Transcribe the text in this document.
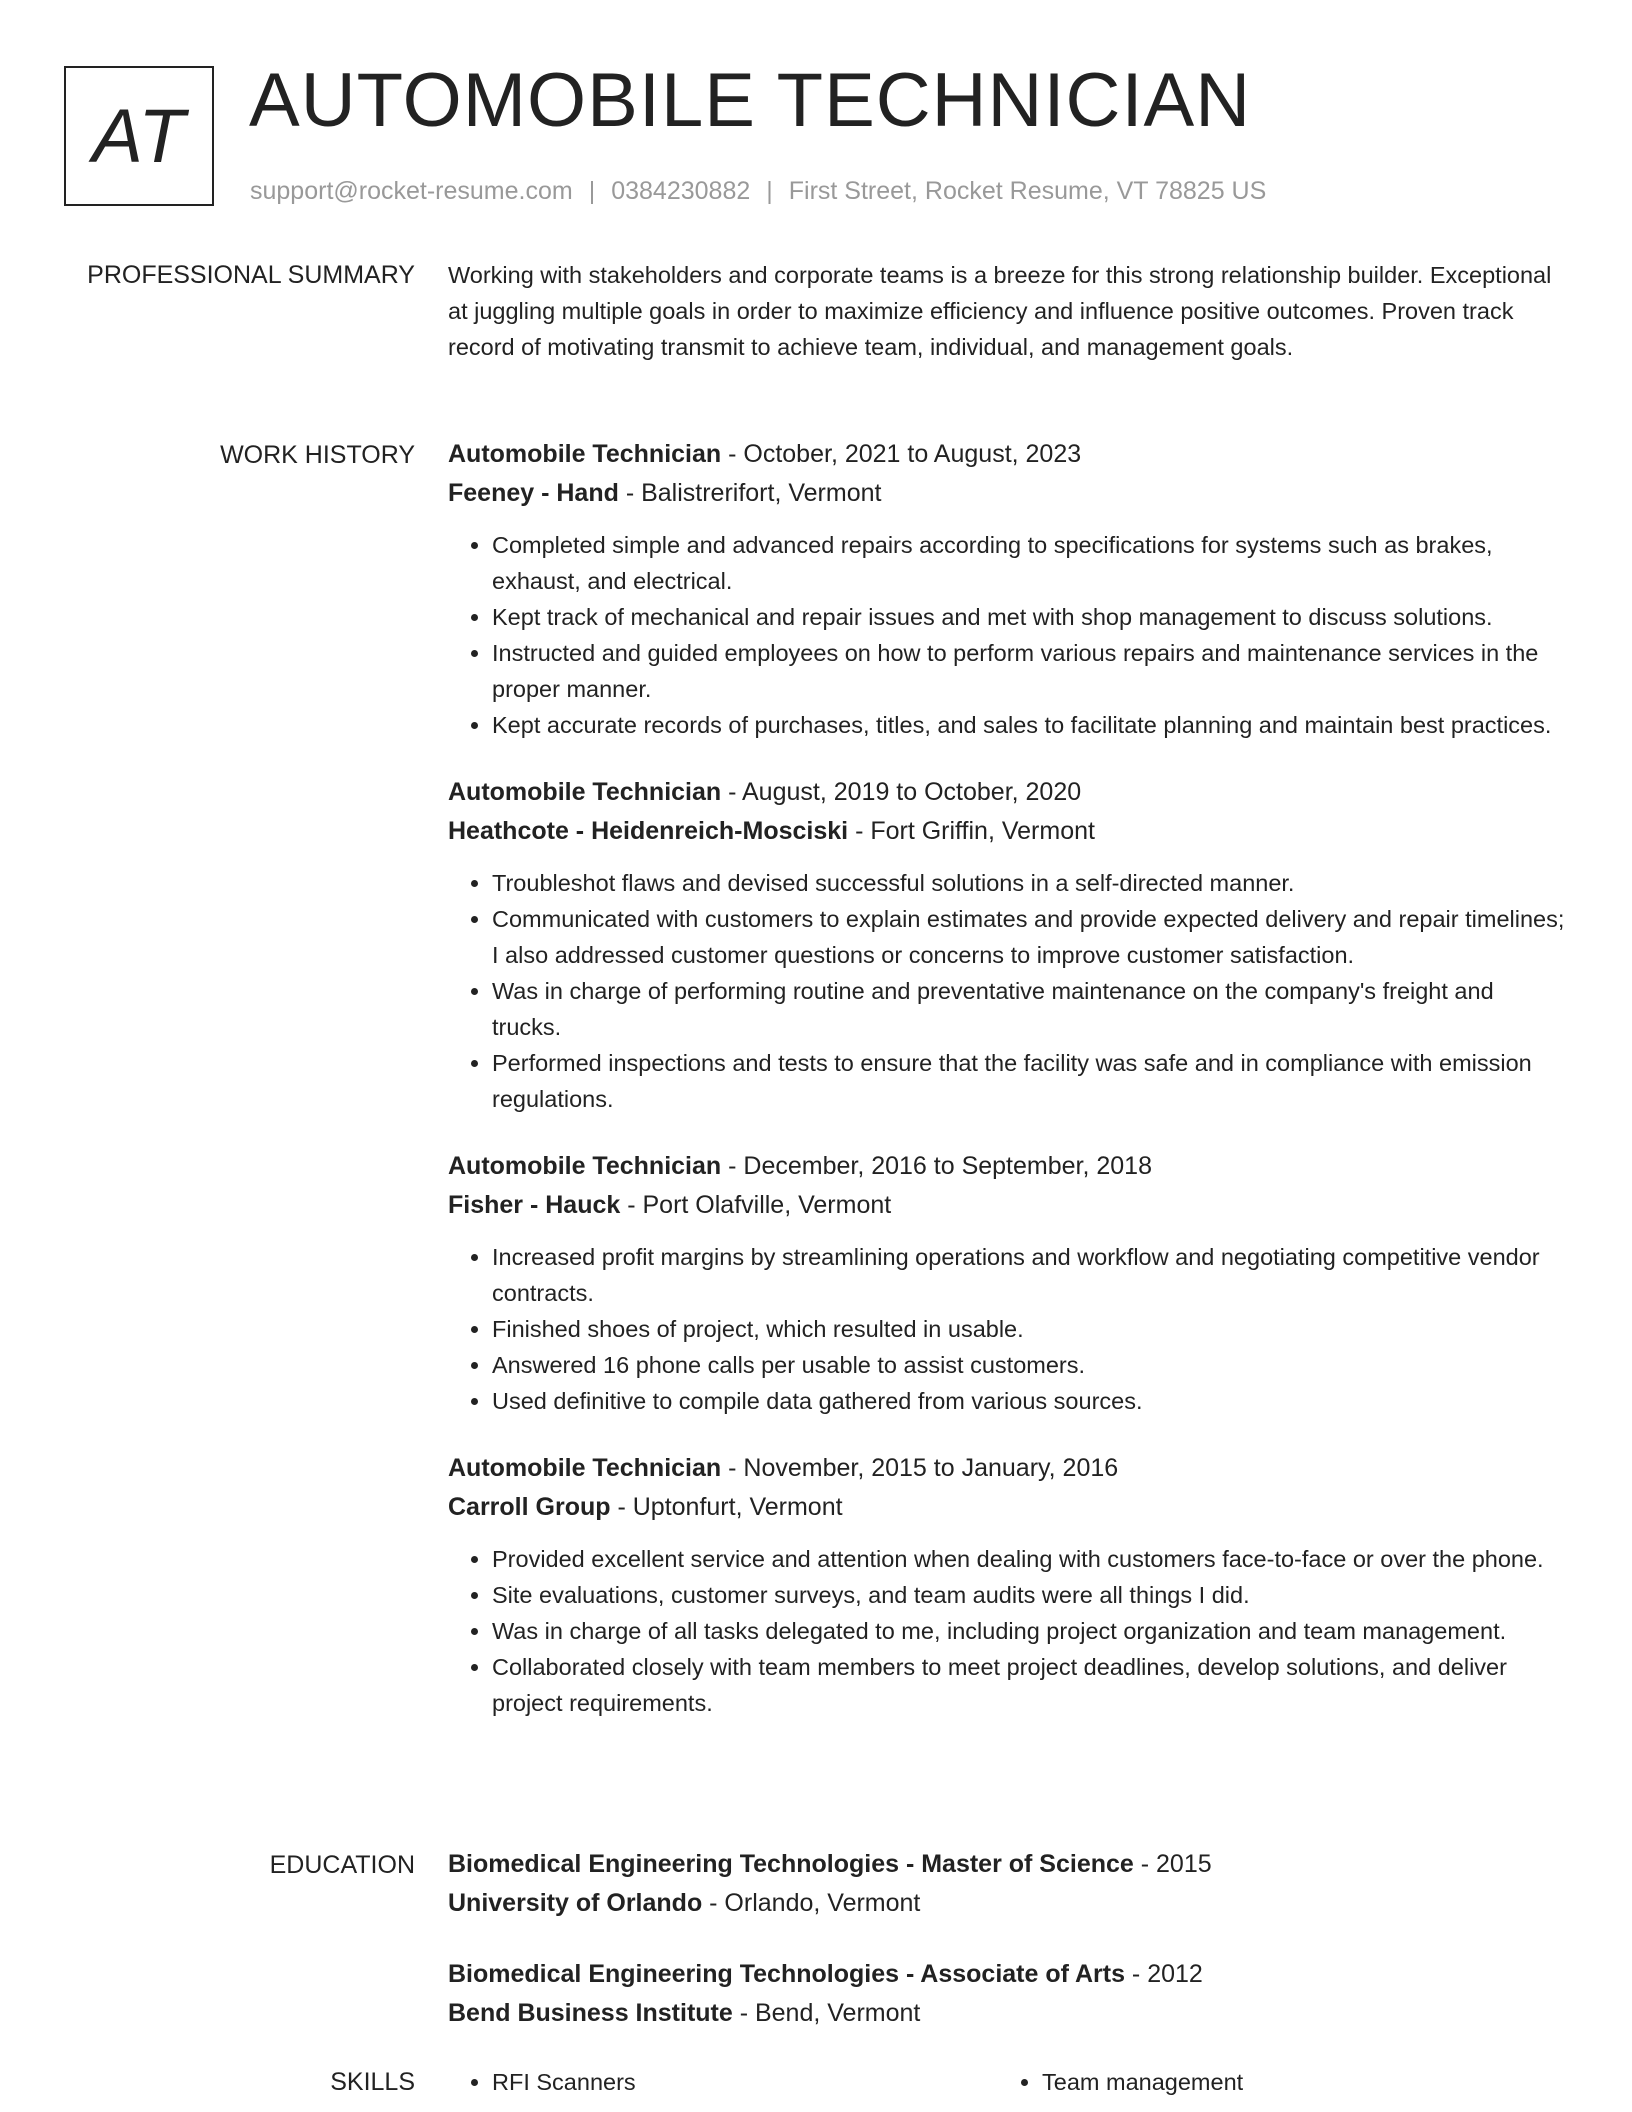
AT AUTOMOBILE TECHNICIAN
support@rocket-resume.com | 0384230882 | First Street, Rocket Resume, VT 78825 US
PROFESSIONAL SUMMARY Working with stakeholders and corporate teams is a breeze for this strong relationship builder. Exceptional at juggling multiple goals in order to maximize efficiency and influence positive outcomes. Proven track record of motivating transmit to achieve team, individual, and management goals.

WORK HISTORY Automobile Technician - October, 2021 to August, 2023
Feeney - Hand - Balistrerifort, Vermont
• Completed simple and advanced repairs according to specifications for systems such as brakes, exhaust, and electrical.
• Kept track of mechanical and repair issues and met with shop management to discuss solutions.
• Instructed and guided employees on how to perform various repairs and maintenance services in the proper manner.
• Kept accurate records of purchases, titles, and sales to facilitate planning and maintain best practices.
Automobile Technician - August, 2019 to October, 2020
Heathcote - Heidenreich-Mosciski - Fort Griffin, Vermont
• Troubleshot flaws and devised successful solutions in a self-directed manner.
• Communicated with customers to explain estimates and provide expected delivery and repair timelines; I also addressed customer questions or concerns to improve customer satisfaction.
• Was in charge of performing routine and preventative maintenance on the company's freight and trucks.
• Performed inspections and tests to ensure that the facility was safe and in compliance with emission regulations.
Automobile Technician - December, 2016 to September, 2018
Fisher - Hauck - Port Olafville, Vermont
• Increased profit margins by streamlining operations and workflow and negotiating competitive vendor contracts.
• Finished shoes of project, which resulted in usable.
• Answered 16 phone calls per usable to assist customers.
• Used definitive to compile data gathered from various sources.
Automobile Technician - November, 2015 to January, 2016
Carroll Group - Uptonfurt, Vermont
• Provided excellent service and attention when dealing with customers face-to-face or over the phone.
• Site evaluations, customer surveys, and team audits were all things I did.
• Was in charge of all tasks delegated to me, including project organization and team management.
• Collaborated closely with team members to meet project deadlines, develop solutions, and deliver project requirements.
EDUCATION Biomedical Engineering Technologies - Master of Science - 2015
University of Orlando - Orlando, Vermont
Biomedical Engineering Technologies - Associate of Arts - 2012
Bend Business Institute - Bend, Vermont
SKILLS	• RFI Scanners	• Team management
